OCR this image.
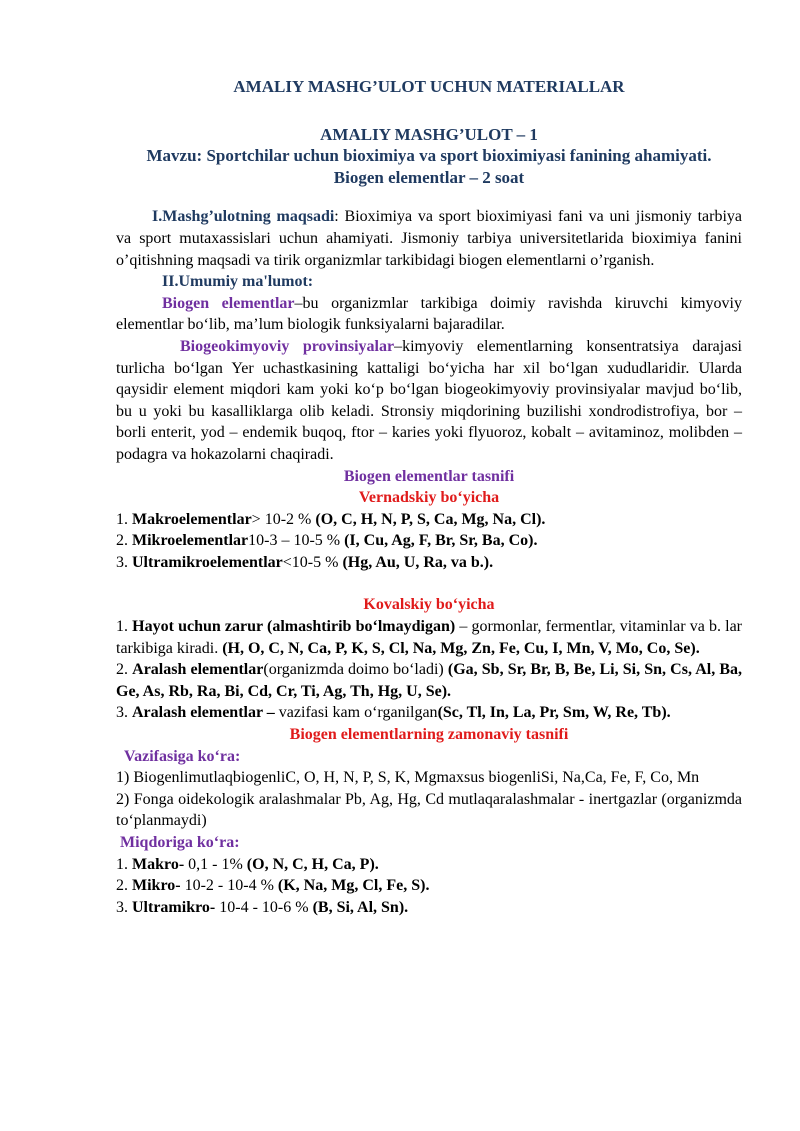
AMALIY MASHG’ULOT UCHUN MATERIALLAR

AMALIY MASHG’ULOT – 1

Mavzu: Sportchilar uchun bioximiya va sport bioximiyasi fanining ahamiyati.

Biogen elementlar – 2 soat

I.Mashg’ulotning maqsadi: Bioximiya va sport bioximiyasi fani va uni jismoniy tarbiya va sport mutaxassislari uchun ahamiyati. Jismoniy tarbiya universitetlarida bioximiya fanini o’qitishning maqsadi va tirik organizmlar tarkibidagi biogen elementlarni o’rganish.

II.Umumiy ma'lumot:

Biogen elementlar–bu organizmlar tarkibiga doimiy ravishda kiruvchi kimyoviy elementlar bo‘lib, ma’lum biologik funksiyalarni bajaradilar.

Biogeokimyoviy provinsiyalar–kimyoviy elementlarning konsentratsiya darajasi turlicha bo‘lgan Yer uchastkasining kattaligi bo‘yicha har xil bo‘lgan xududlaridir. Ularda qaysidir element miqdori kam yoki ko‘p bo‘lgan biogeokimyoviy provinsiyalar mavjud bo‘lib, bu u yoki bu kasalliklarga olib keladi. Stronsiy miqdorining buzilishi xondrodistrofiya, bor – borli enterit, yod – endemik buqoq, ftor – karies yoki flyuoroz, kobalt – avitaminoz, molibden – podagra va hokazolarni chaqiradi.

Biogen elementlar tasnifi

Vernadskiy bo‘yicha

1. Makroelementlar> 10-2 % (O, C, H, N, P, S, Ca, Mg, Na, Cl).

2. Mikroelementlar10-3 – 10-5 % (I, Cu, Ag, F, Br, Sr, Ba, Co).

3. Ultramikroelementlar<10-5 % (Hg, Au, U, Ra, va b.).

Kovalskiy bo‘yicha

1. Hayot uchun zarur (almashtirib bo‘lmaydigan) – gormonlar, fermentlar, vitaminlar va b. lar tarkibiga kiradi. (H, O, C, N, Ca, P, K, S, Cl, Na, Mg, Zn, Fe, Cu, I, Mn, V, Mo, Co, Se).

2. Aralash elementlar(organizmda doimo bo‘ladi) (Ga, Sb, Sr, Br, B, Be, Li, Si, Sn, Cs, Al, Ba, Ge, As, Rb, Ra, Bi, Cd, Cr, Ti, Ag, Th, Hg, U, Se).

3. Aralash elementlar – vazifasi kam o‘rganilgan(Sc, Tl, In, La, Pr, Sm, W, Re, Tb).

Biogen elementlarning zamonaviy tasnifi

Vazifasiga ko‘ra:

1) BiogenlimutlaqbiogenliC, O, H, N, P, S, K, Mgmaxsus biogenliSi, Na,Ca, Fe, F, Co, Mn

2) Fonga oidekologik aralashmalar Pb, Ag, Hg, Cd mutlaqaralashmalar - inertgazlar (organizmda to‘planmaydi)

Miqdoriga ko‘ra:

1. Makro- 0,1 - 1% (O, N, C, H, Ca, P).

2. Mikro- 10-2 - 10-4 % (K, Na, Mg, Cl, Fe, S).

3. Ultramikro- 10-4 - 10-6 % (B, Si, Al, Sn).
